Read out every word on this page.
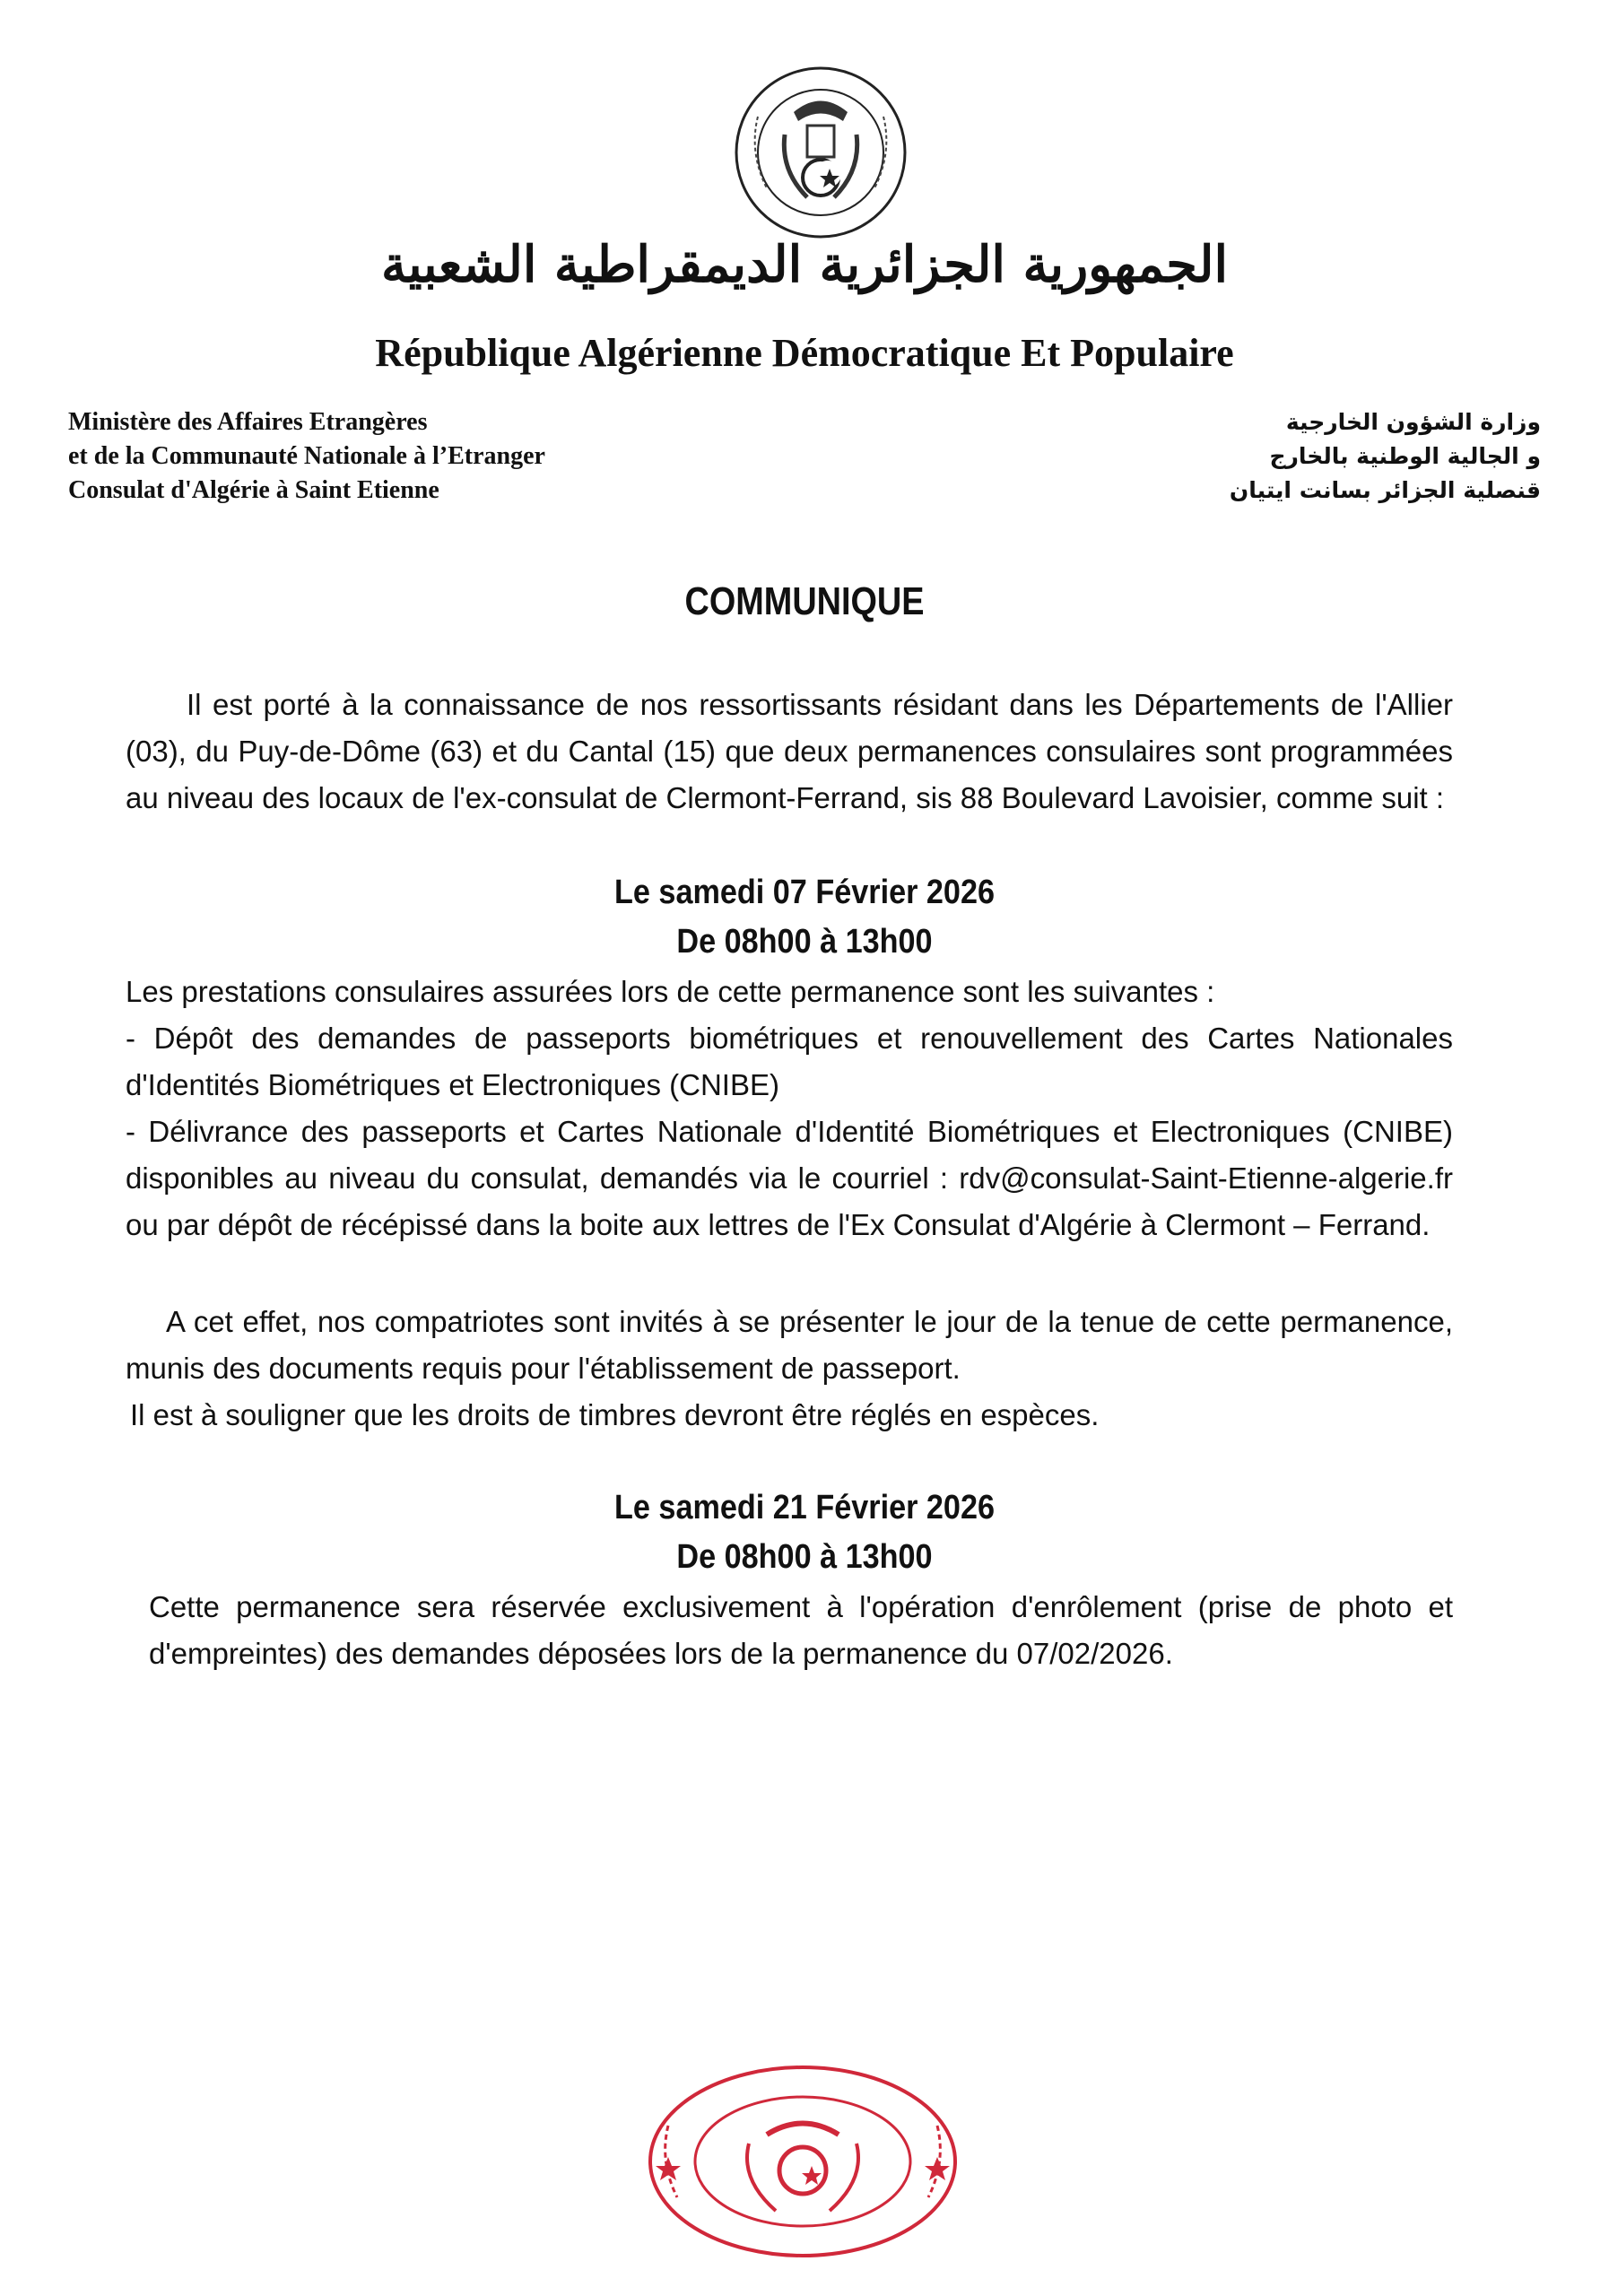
الجمهورية الجزائرية الديمقراطية الشعبية
République Algérienne Démocratique Et Populaire
Ministère des Affaires Etrangères
et de la Communauté Nationale à l’Etranger
Consulat d'Algérie à Saint Etienne
وزارة الشؤون الخارجية
و الجالية الوطنية بالخارج
قنصلية الجزائر بسانت ايتيان
COMMUNIQUE

Il est porté à la connaissance de nos ressortissants résidant dans les Départements de l'Allier (03), du Puy-de-Dôme (63) et du Cantal (15) que deux permanences consulaires sont programmées au niveau des locaux de l'ex-consulat de Clermont-Ferrand, sis 88 Boulevard Lavoisier, comme suit :

Le samedi 07 Février 2026
De 08h00 à 13h00

Les prestations consulaires assurées lors de cette permanence sont les suivantes :

- Dépôt des demandes de passeports biométriques et renouvellement des Cartes Nationales d'Identités Biométriques et Electroniques (CNIBE)

- Délivrance des passeports et Cartes Nationale d'Identité Biométriques et Electroniques (CNIBE) disponibles au niveau du consulat, demandés via le courriel : rdv@consulat-Saint-Etienne-algerie.fr ou par dépôt de récépissé dans la boite aux lettres de l'Ex Consulat d'Algérie à Clermont – Ferrand.

A cet effet, nos compatriotes sont invités à se présenter le jour de la tenue de cette permanence, munis des documents requis pour l'établissement de passeport.

Il est à souligner que les droits de timbres devront être réglés en espèces.

Le samedi 21 Février 2026
De 08h00 à 13h00

Cette permanence sera réservée exclusivement à l'opération d'enrôlement (prise de photo et d'empreintes) des demandes déposées lors de la permanence du 07/02/2026.
